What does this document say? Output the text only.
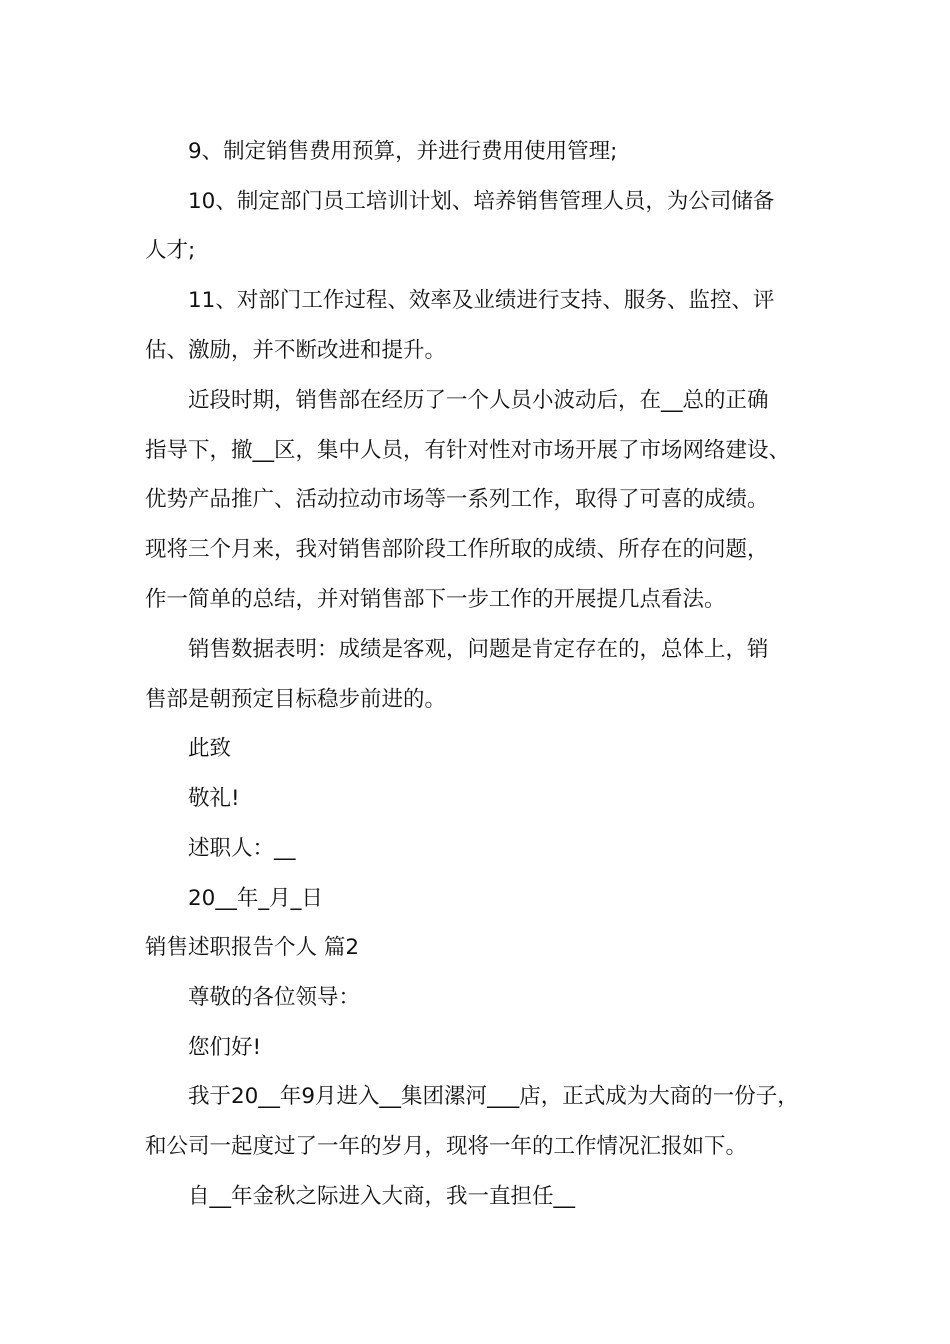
9、制定销售费用预算，并进行费用使用管理;
10、制定部门员工培训计划、培养销售管理人员，为公司储备
人才;
11、对部门工作过程、效率及业绩进行支持、服务、监控、评
估、激励，并不断改进和提升。
近段时期，销售部在经历了一个人员小波动后，在__总的正确
指导下，撤__区，集中人员，有针对性对市场开展了市场网络建设、
优势产品推广、活动拉动市场等一系列工作，取得了可喜的成绩。
现将三个月来，我对销售部阶段工作所取的成绩、所存在的问题，
作一简单的总结，并对销售部下一步工作的开展提几点看法。
销售数据表明：成绩是客观，问题是肯定存在的，总体上，销
售部是朝预定目标稳步前进的。
此致
敬礼!
述职人：__
20__年_月_日
销售述职报告个人 篇2
尊敬的各位领导：
您们好!
我于20__年9月进入__集团漯河___店，正式成为大商的一份子，
和公司一起度过了一年的岁月，现将一年的工作情况汇报如下。
自__年金秋之际进入大商，我一直担任__
